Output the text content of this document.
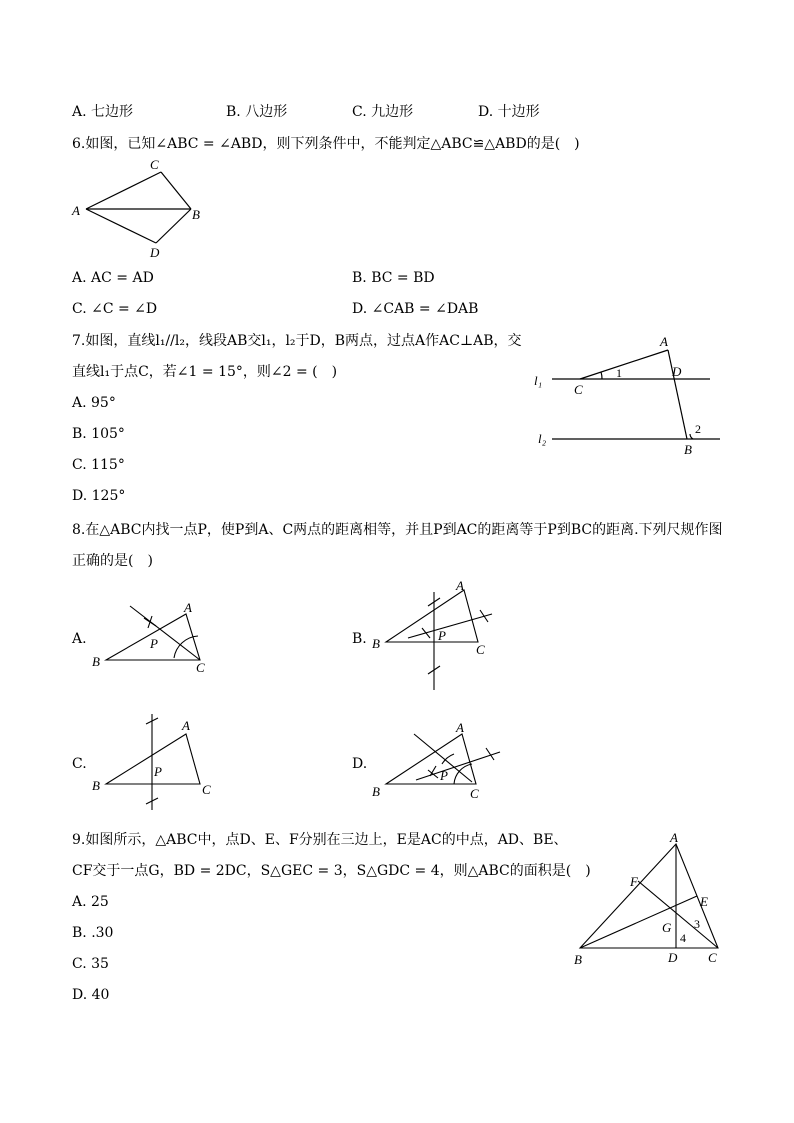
A. 七边形	B. 八边形	C. 九边形	D. 十边形
6.如图，已知∠ABC = ∠ABD，则下列条件中，不能判定△ABC≌△ABD的是(　)
A	B
C
D
A. AC = AD	B. BC = BD
C. ∠C = ∠D	D. ∠CAB = ∠DAB
7.如图，直线l₁//l₂，线段AB交l₁，l₂于D，B两点，过点A作AC⊥AB，交
直线l₁于点C，若∠1 = 15°，则∠2 = (　)
A. 95°
B. 105°
C. 115°
D. 125°
A
D
C
B
l₁
l₂
1
2
8.在△ABC内找一点P，使P到A、C两点的距离相等，并且P到AC的距离等于P到BC的距离.下列尺规作图
正确的是(　)
A.
A
B	C
P	B.
A
B	C
P
C.
A
B	C
P	D.
A
B	C
P
9.如图所示，△ABC中，点D、E、F分别在三边上，E是AC的中点，AD、BE、
CF交于一点G，BD = 2DC，S△GEC = 3，S△GDC = 4，则△ABC的面积是(　)
A. 25
B. .30
C. 35
D. 40
A
B	C
D
E
F
G 3
4
